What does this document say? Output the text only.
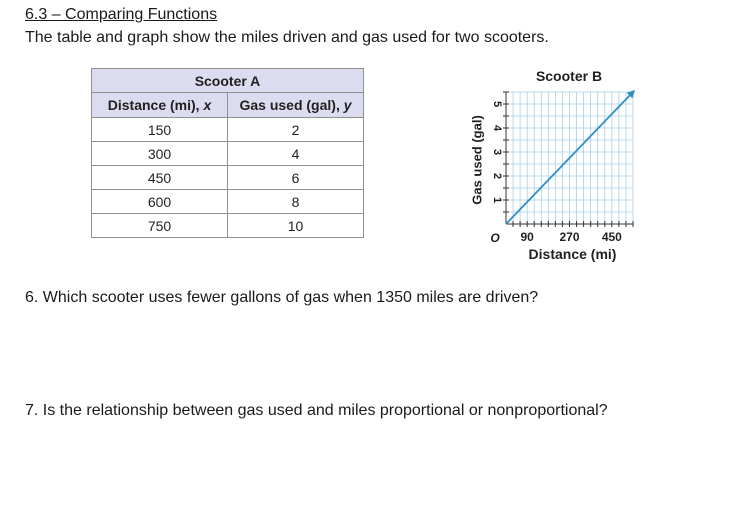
6.3 – Comparing Functions
The table and graph show the miles driven and gas used for two scooters.
Scooter A	
Distance (mi), x	Gas used (gal), y
150	2
300	4
450	6
600	8
750	10
Scooter B
90 270 450
1
2
3
4
5
O
Distance (mi)
Gas used (gal)
6. Which scooter uses fewer gallons of gas when 1350 miles are driven?
7. Is the relationship between gas used and miles proportional or nonproportional?
